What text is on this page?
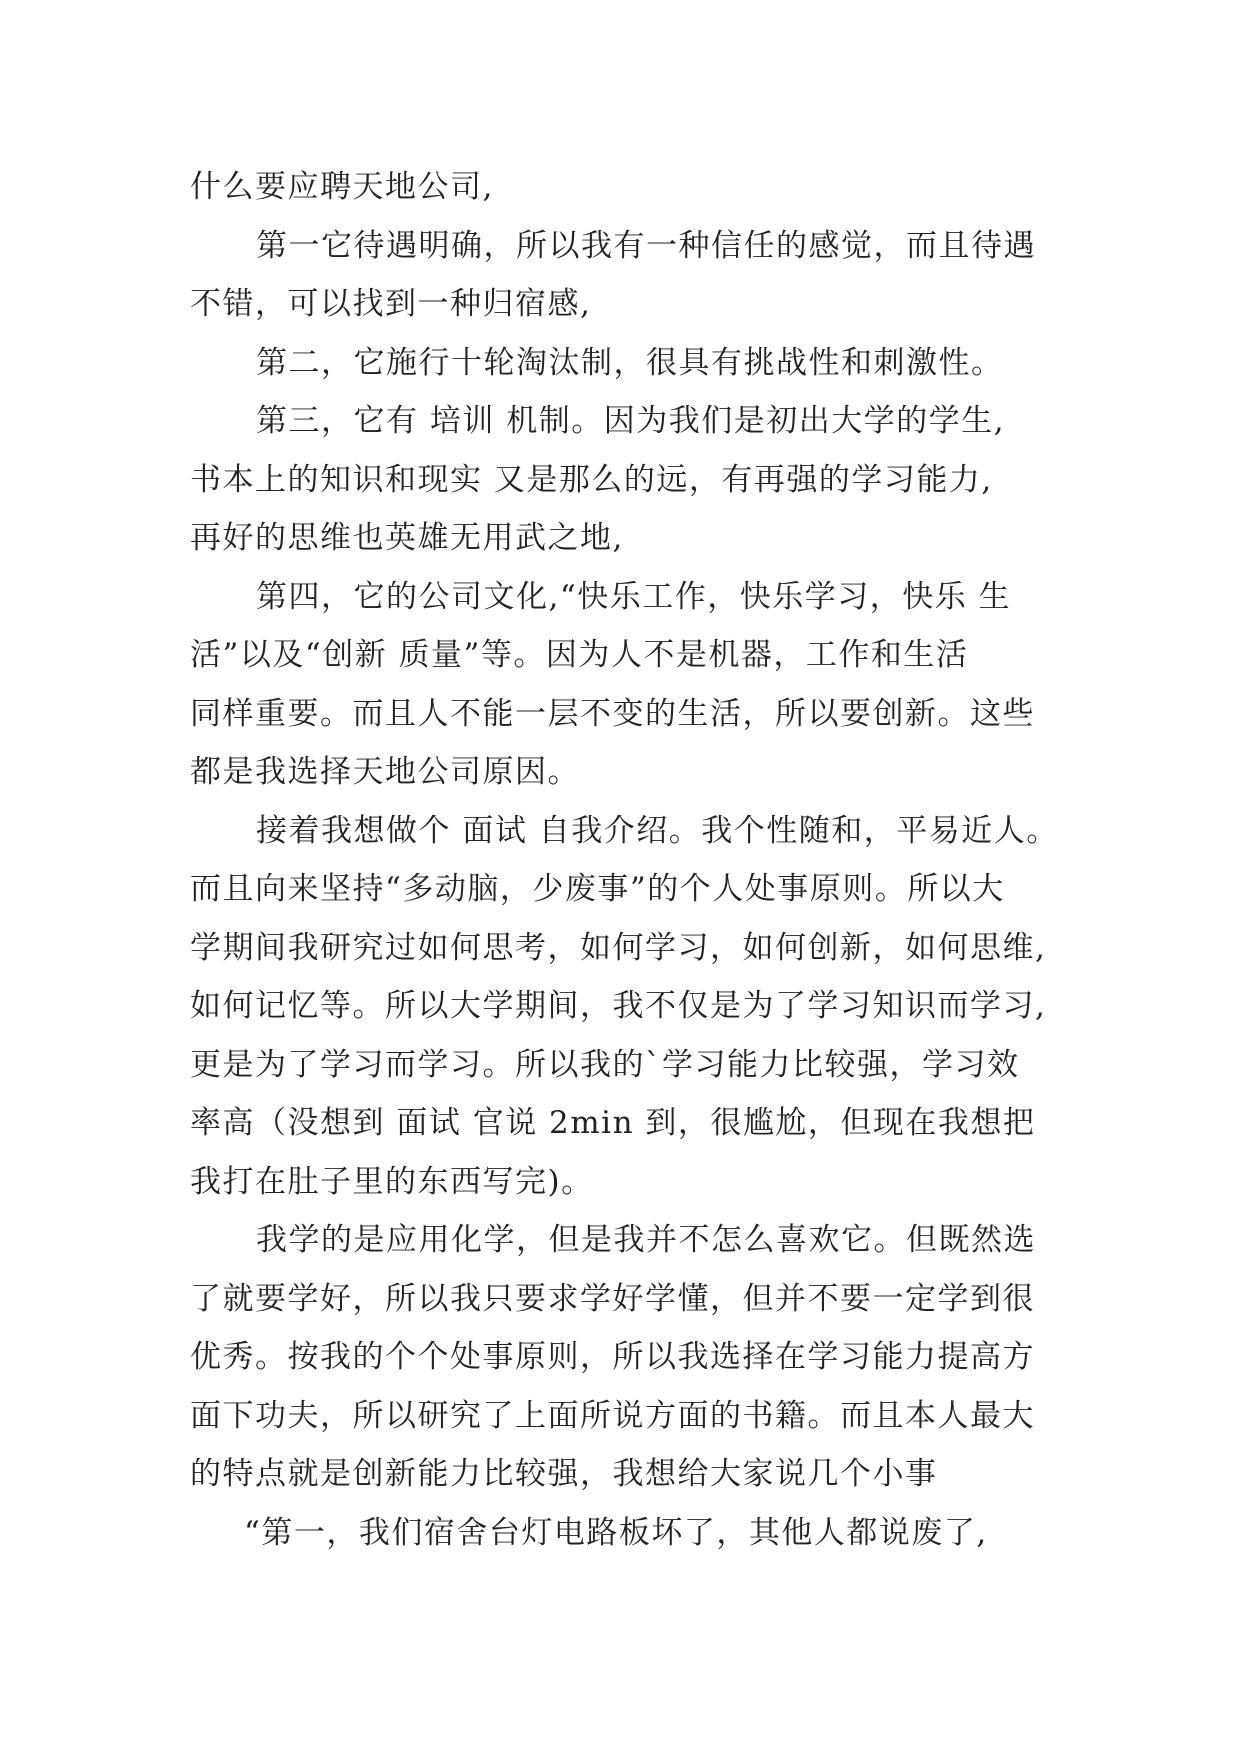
什么要应聘天地公司,
第一它待遇明确，所以我有一种信任的感觉，而且待遇
不错，可以找到一种归宿感,
第二，它施行十轮淘汰制，很具有挑战性和刺激性。
第三，它有 培训 机制。因为我们是初出大学的学生,
书本上的知识和现实 又是那么的远，有再强的学习能力,
再好的思维也英雄无用武之地,
第四，它的公司文化,“快乐工作，快乐学习，快乐 生
活”以及“创新 质量”等。因为人不是机器，工作和生活
同样重要。而且人不能一层不变的生活，所以要创新。这些
都是我选择天地公司原因。
接着我想做个 面试 自我介绍。我个性随和，平易近人。
而且向来坚持“多动脑，少废事”的个人处事原则。所以大
学期间我研究过如何思考，如何学习，如何创新，如何思维,
如何记忆等。所以大学期间，我不仅是为了学习知识而学习,
更是为了学习而学习。所以我的`学习能力比较强，学习效
率高（没想到 面试 官说 2min 到，很尴尬，但现在我想把
我打在肚子里的东西写完)。
我学的是应用化学，但是我并不怎么喜欢它。但既然选
了就要学好，所以我只要求学好学懂，但并不要一定学到很
优秀。按我的个个处事原则，所以我选择在学习能力提高方
面下功夫，所以研究了上面所说方面的书籍。而且本人最大
的特点就是创新能力比较强，我想给大家说几个小事
“第一，我们宿舍台灯电路板坏了，其他人都说废了,
